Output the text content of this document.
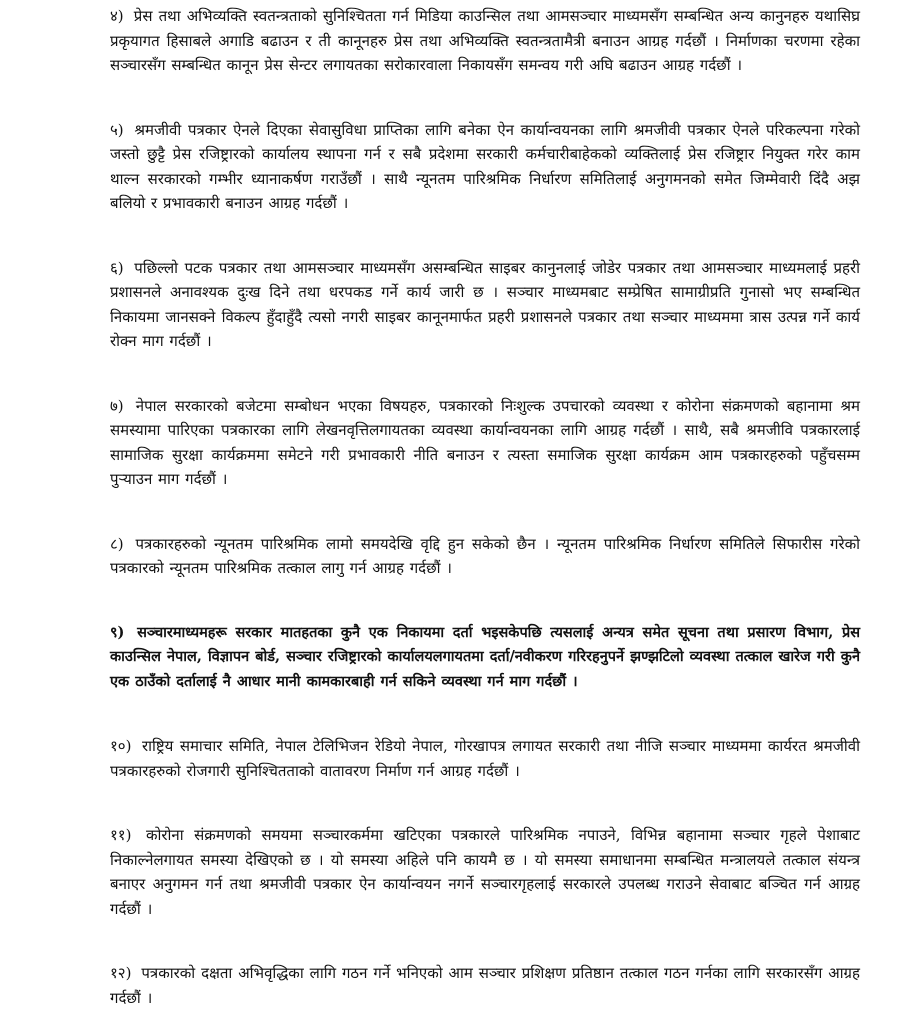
४) प्रेस तथा अभिव्यक्ति स्वतन्त्रताको सुनिश्चितता गर्न मिडिया काउन्सिल तथा आमसञ्चार माध्यमसँग सम्बन्धित अन्य कानुनहरु यथासिघ्र प्रकृयागत हिसाबले अगाडि बढाउन र ती कानूनहरु प्रेस तथा अभिव्यक्ति स्वतन्त्रतामैत्री बनाउन आग्रह गर्दछौं । निर्माणका चरणमा रहेका सञ्चारसँग सम्बन्धित कानून प्रेस सेन्टर लगायतका सरोकारवाला निकायसँग समन्वय गरी अघि बढाउन आग्रह गर्दछौं ।

५) श्रमजीवी पत्रकार ऐनले दिएका सेवासुविधा प्राप्तिका लागि बनेका ऐन कार्यान्वयनका लागि श्रमजीवी पत्रकार ऐनले परिकल्पना गरेको जस्तो छुट्टै प्रेस रजिष्ट्रारको कार्यालय स्थापना गर्न र सबै प्रदेशमा सरकारी कर्मचारीबाहेकको व्यक्तिलाई प्रेस रजिष्ट्रार नियुक्त गरेर काम थाल्न सरकारको गम्भीर ध्यानाकर्षण गराउँछौं । साथै न्यूनतम पारिश्रमिक निर्धारण समितिलाई अनुगमनको समेत जिम्मेवारी दिंदै अझ बलियो र प्रभावकारी बनाउन आग्रह गर्दछौं ।

६) पछिल्लो पटक पत्रकार तथा आमसञ्चार माध्यमसँग असम्बन्धित साइबर कानुनलाई जोडेर पत्रकार तथा आमसञ्चार माध्यमलाई प्रहरी प्रशासनले अनावश्यक दुःख दिने तथा धरपकड गर्ने कार्य जारी छ । सञ्चार माध्यमबाट सम्प्रेषित सामाग्रीप्रति गुनासो भए सम्बन्धित निकायमा जानसक्ने विकल्प हुँदाहुँदै त्यसो नगरी साइबर कानूनमार्फत प्रहरी प्रशासनले पत्रकार तथा सञ्चार माध्यममा त्रास उत्पन्न गर्ने कार्य रोक्न माग गर्दछौं ।

७) नेपाल सरकारको बजेटमा सम्बोधन भएका विषयहरु, पत्रकारको निःशुल्क उपचारको व्यवस्था र कोरोना संक्रमणको बहानामा श्रम समस्यामा पारिएका पत्रकारका लागि लेखनवृत्तिलगायतका व्यवस्था कार्यान्वयनका लागि आग्रह गर्दछौं । साथै, सबै श्रमजीवि पत्रकारलाई सामाजिक सुरक्षा कार्यक्रममा समेटने गरी प्रभावकारी नीति बनाउन र त्यस्ता समाजिक सुरक्षा कार्यक्रम आम पत्रकारहरुको पहुँचसम्म पुर्‍याउन माग गर्दछौं ।

८) पत्रकारहरुको न्यूनतम पारिश्रमिक लामो समयदेखि वृद्दि हुन सकेको छैन । न्यूनतम पारिश्रमिक निर्धारण समितिले सिफारीस गरेको पत्रकारको न्यूनतम पारिश्रमिक तत्काल लागु गर्न आग्रह गर्दछौं ।

९) सञ्चारमाध्यमहरू सरकार मातहतका कुनै एक निकायमा दर्ता भइसकेपछि त्यसलाई अन्यत्र समेत सूचना तथा प्रसारण विभाग, प्रेस काउन्सिल नेपाल, विज्ञापन बोर्ड, सञ्चार रजिष्ट्रारको कार्यालयलगायतमा दर्ता/नवीकरण गरिरहनुपर्ने झण्झटिलो व्यवस्था तत्काल खारेज गरी कुनै एक ठाउँको दर्तालाई नै आधार मानी कामकारबाही गर्न सकिने व्यवस्था गर्न माग गर्दछौं ।

१०) राष्ट्रिय समाचार समिति, नेपाल टेलिभिजन रेडियो नेपाल, गोरखापत्र लगायत सरकारी तथा नीजि सञ्चार माध्यममा कार्यरत श्रमजीवी पत्रकारहरुको रोजगारी सुनिश्चितताको वातावरण निर्माण गर्न आग्रह गर्दछौं ।

११) कोरोना संक्रमणको समयमा सञ्चारकर्ममा खटिएका पत्रकारले पारिश्रमिक नपाउने, विभिन्न बहानामा सञ्चार गृहले पेशाबाट निकाल्नेलगायत समस्या देखिएको छ । यो समस्या अहिले पनि कायमै छ । यो समस्या समाधानमा सम्बन्धित मन्त्रालयले तत्काल संयन्त्र बनाएर अनुगमन गर्न तथा श्रमजीवी पत्रकार ऐन कार्यान्वयन नगर्ने सञ्चारगृहलाई सरकारले उपलब्ध गराउने सेवाबाट बञ्चित गर्न आग्रह गर्दछौं ।

१२) पत्रकारको दक्षता अभिवृद्धिका लागि गठन गर्ने भनिएको आम सञ्चार प्रशिक्षण प्रतिष्ठान तत्काल गठन गर्नका लागि सरकारसँग आग्रह गर्दछौं ।
